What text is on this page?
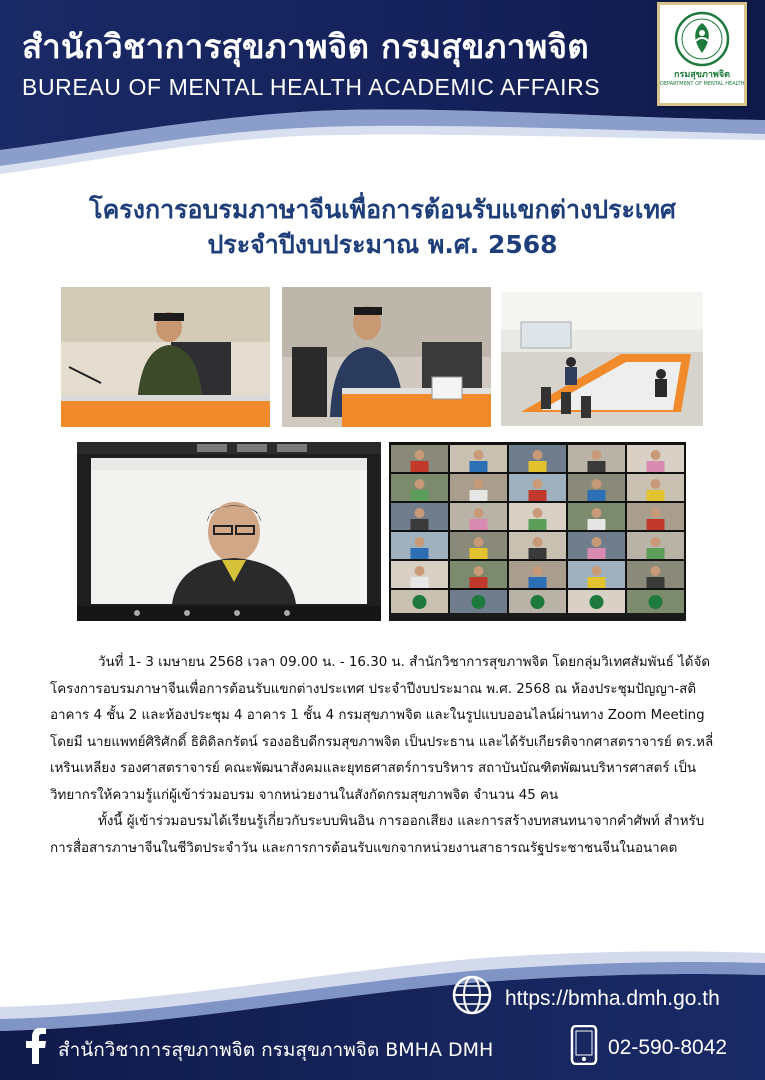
สำนักวิชาการสุขภาพจิต กรมสุขภาพจิต
BUREAU OF MENTAL HEALTH ACADEMIC AFFAIRS	กรมสุขภาพจิต
DEPARTMENT OF MENTAL HEALTH
โครงการอบรมภาษาจีนเพื่อการต้อนรับแขกต่างประเทศ
ประจำปีงบประมาณ พ.ศ. 2568

วันที่ 1- 3 เมษายน 2568 เวลา 09.00 น. - 16.30 น. สำนักวิชาการสุขภาพจิต โดยกลุ่มวิเทศสัมพันธ์ ได้จัดโครงการอบรมภาษาจีนเพื่อการต้อนรับแขกต่างประเทศ ประจำปีงบประมาณ พ.ศ. 2568 ณ ห้องประชุมปัญญา-สติ อาคาร 4 ชั้น 2 และห้องประชุม 4 อาคาร 1 ชั้น 4 กรมสุขภาพจิต และในรูปแบบออนไลน์ผ่านทาง Zoom Meeting โดยมี นายแพทย์ศิริศักดิ์ ธิติดิลกรัตน์ รองอธิบดีกรมสุขภาพจิต เป็นประธาน และได้รับเกียรติจากศาสตราจารย์ ดร.หลี่ เหรินเหลียง รองศาสตราจารย์ คณะพัฒนาสังคมและยุทธศาสตร์การบริหาร สถาบันบัณฑิตพัฒนบริหารศาสตร์ เป็นวิทยากรให้ความรู้แก่ผู้เข้าร่วมอบรม จากหน่วยงานในสังกัดกรมสุขภาพจิต จำนวน 45 คน

ทั้งนี้ ผู้เข้าร่วมอบรมได้เรียนรู้เกี่ยวกับระบบพินอิน การออกเสียง และการสร้างบทสนทนาจากคำศัพท์ สำหรับการสื่อสารภาษาจีนในชีวิตประจำวัน และการการต้อนรับแขกจากหน่วยงานสาธารณรัฐประชาชนจีนในอนาคต

https://bmha.dmh.go.th
สำนักวิชาการสุขภาพจิต กรมสุขภาพจิต BMHA DMH	02-590-8042
